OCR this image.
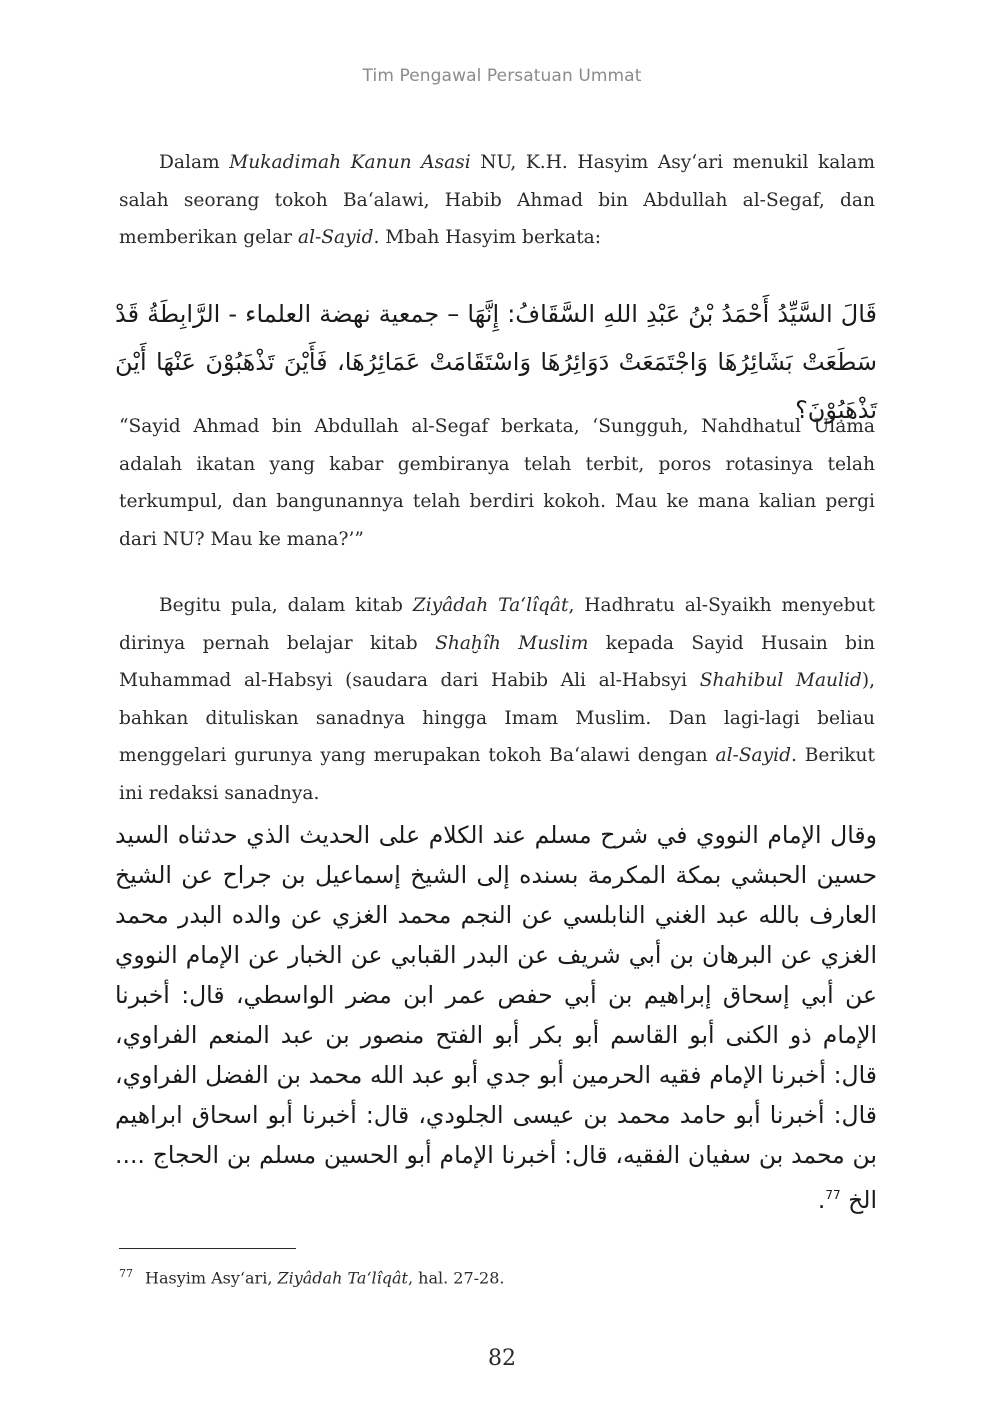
Tim Pengawal Persatuan Ummat

Dalam Mukadimah Kanun Asasi NU, K.H. Hasyim Asy‘ari menukil kalam salah seorang tokoh Ba‘alawi, Habib Ahmad bin Abdullah al-Segaf, dan memberikan gelar al-Sayid. Mbah Hasyim berkata:

قَالَ السَّيِّدُ أَحْمَدُ بْنُ عَبْدِ اللهِ السَّقَافُ: إِنَّهَا – جمعية نهضة العلماء - الرَّابِطَةُ قَدْ سَطَعَتْ بَشَائِرُهَا وَاجْتَمَعَتْ دَوَائِرُهَا وَاسْتَقَامَتْ عَمَائِرُهَا، فَأَيْنَ تَذْهَبُوْنَ عَنْهَا أَيْنَ تَذْهَبُوْنَ؟

“Sayid Ahmad bin Abdullah al-Segaf berkata, ‘Sungguh, Nahdhatul Ulama adalah ikatan yang kabar gembiranya telah terbit, poros rotasinya telah terkumpul, dan bangunannya telah berdiri kokoh. Mau ke mana kalian pergi dari NU? Mau ke mana?’”

Begitu pula, dalam kitab Ziyâdah Ta‘lîqât, Hadhratu al-Syaikh menyebut dirinya pernah belajar kitab Shaḫîh Muslim kepada Sayid Husain bin Muhammad al-Habsyi (saudara dari Habib Ali al-Habsyi Shahibul Maulid), bahkan dituliskan sanadnya hingga Imam Muslim. Dan lagi-lagi beliau menggelari gurunya yang merupakan tokoh Ba‘alawi dengan al-Sayid. Berikut ini redaksi sanadnya.

وقال الإمام النووي في شرح مسلم عند الكلام على الحديث الذي حدثناه السيد حسين الحبشي بمكة المكرمة بسنده إلى الشيخ إسماعيل بن جراح عن الشيخ العارف بالله عبد الغني النابلسي عن النجم محمد الغزي عن والده البدر محمد الغزي عن البرهان بن أبي شريف عن البدر القبابي عن الخبار عن الإمام النووي عن أبي إسحاق إبراهيم بن أبي حفص عمر ابن مضر الواسطي، قال: أخبرنا الإمام ذو الكنى أبو القاسم أبو بكر أبو الفتح منصور بن عبد المنعم الفراوي، قال: أخبرنا الإمام فقيه الحرمين أبو جدي أبو عبد الله محمد بن الفضل الفراوي، قال: أخبرنا أبو حامد محمد بن عيسى الجلودي، قال: أخبرنا أبو اسحاق ابراهيم بن محمد بن سفيان الفقيه، قال: أخبرنا الإمام أبو الحسين مسلم بن الحجاج .... الخ $^{77}$.

$^{77}$ Hasyim Asy‘ari, Ziyâdah Ta‘lîqât, hal. 27-28.
82
